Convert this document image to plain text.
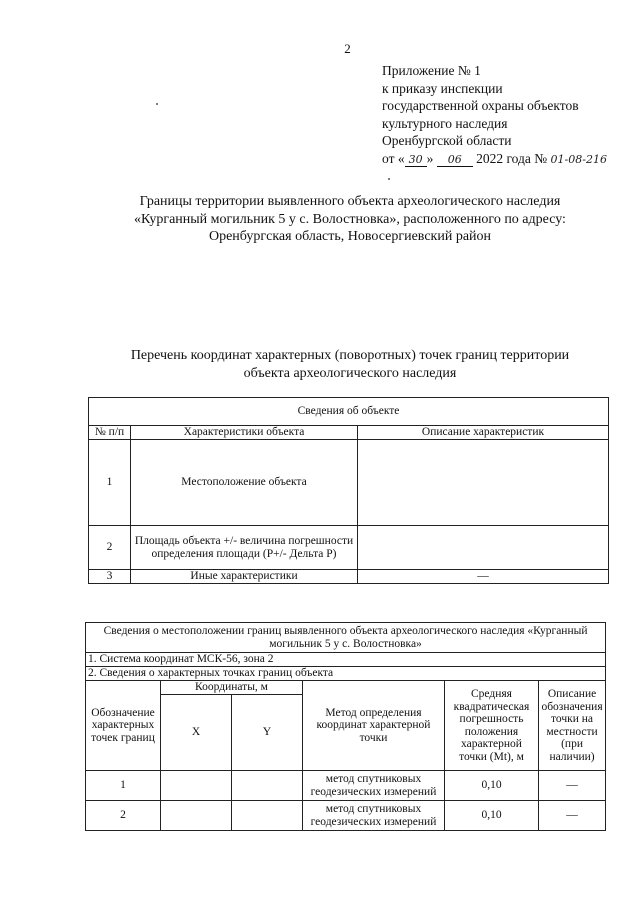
2
Приложение № 1
к приказу инспекции
государственной охраны объектов
культурного наследия
Оренбургской области
от « 30 » 06 2022 года № 01-08-216
Границы территории выявленного объекта археологического наследия
«Курганный могильник 5 у с. Волостновка», расположенного по адресу:
Оренбургская область, Новосергиевский район
Перечень координат характерных (поворотных) точек границ территории
объекта археологического наследия
Сведения об объекте		
№ п/п	Характеристики объекта	Описание характеристик
1	Местоположение объекта	
2	Площадь объекта +/- величина погрешности определения площади (P+/- Дельта P)	
3	Иные характеристики	—
Сведения о местоположении границ выявленного объекта археологического наследия «Курганный могильник 5 у с. Волостновка»					
1. Система координат МСК-56, зона 2					
2. Сведения о характерных точках границ объекта					
Обозначение характерных точек границ	Координаты, м		Метод определения координат характерной точки	Средняя квадратическая погрешность положения характерной точки (Mt), м	Описание обозначения точки на местности (при наличии)
	X	Y			
1			метод спутниковых геодезических измерений	0,10	—
2			метод спутниковых геодезических измерений	0,10	—
